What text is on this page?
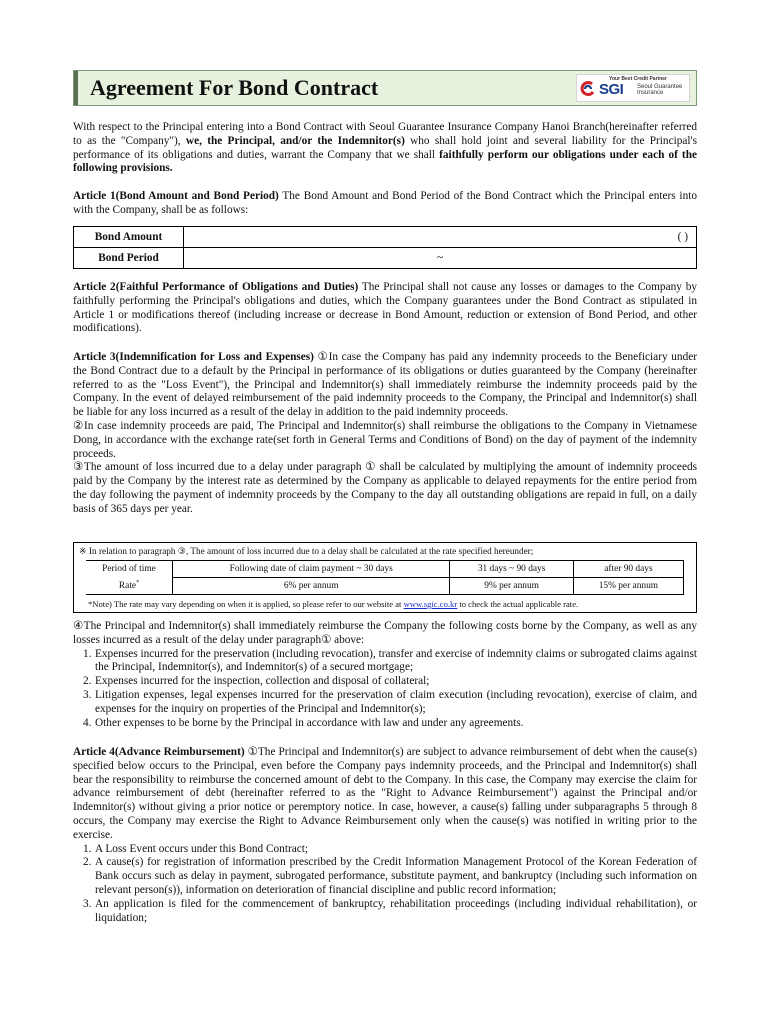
Agreement For Bond Contract	Your Best Credit Partner
SGI Seoul Guarantee Insurance
With respect to the Principal entering into a Bond Contract with Seoul Guarantee Insurance Company Hanoi Branch(hereinafter referred to as the "Company"), we, the Principal, and/or the Indemnitor(s) who shall hold joint and several liability for the Principal's performance of its obligations and duties, warrant the Company that we shall faithfully perform our obligations under each of the following provisions.
Article 1(Bond Amount and Bond Period) The Bond Amount and Bond Period of the Bond Contract which the Principal enters into with the Company, shall be as follows:
Bond Amount	( )
Bond Period	~
Article 2(Faithful Performance of Obligations and Duties) The Principal shall not cause any losses or damages to the Company by faithfully performing the Principal's obligations and duties, which the Company guarantees under the Bond Contract as stipulated in Article 1 or modifications thereof (including increase or decrease in Bond Amount, reduction or extension of Bond Period, and other modifications).
Article 3(Indemnification for Loss and Expenses) ①In case the Company has paid any indemnity proceeds to the Beneficiary under the Bond Contract due to a default by the Principal in performance of its obligations or duties guaranteed by the Company (hereinafter referred to as the "Loss Event"), the Principal and Indemnitor(s) shall immediately reimburse the indemnity proceeds paid by the Company. In the event of delayed reimbursement of the paid indemnity proceeds to the Company, the Principal and Indemnitor(s) shall be liable for any loss incurred as a result of the delay in addition to the paid indemnity proceeds.
②In case indemnity proceeds are paid, The Principal and Indemnitor(s) shall reimburse the obligations to the Company in Vietnamese Dong, in accordance with the exchange rate(set forth in General Terms and Conditions of Bond) on the day of payment of the indemnity proceeds.
③The amount of loss incurred due to a delay under paragraph ① shall be calculated by multiplying the amount of indemnity proceeds paid by the Company by the interest rate as determined by the Company as applicable to delayed repayments for the entire period from the day following the payment of indemnity proceeds by the Company to the day all outstanding obligations are repaid in full, on a daily basis of 365 days per year.
※ In relation to paragraph ③, The amount of loss incurred due to a delay shall be calculated at the rate specified hereunder;
Period of time	Following date of claim payment ~ 30 days	31 days ~ 90 days	after 90 days
Rate*	6% per annum	9% per annum	15% per annum
*Note) The rate may vary depending on when it is applied, so please refer to our website at www.sgic.co.kr to check the actual applicable rate.
④The Principal and Indemnitor(s) shall immediately reimburse the Company the following costs borne by the Company, as well as any losses incurred as a result of the delay under paragraph① above:
1. Expenses incurred for the preservation (including revocation), transfer and exercise of indemnity claims or subrogated claims against the Principal, Indemnitor(s), and Indemnitor(s) of a secured mortgage;
2. Expenses incurred for the inspection, collection and disposal of collateral;
3. Litigation expenses, legal expenses incurred for the preservation of claim execution (including revocation), exercise of claim, and expenses for the inquiry on properties of the Principal and Indemnitor(s);
4. Other expenses to be borne by the Principal in accordance with law and under any agreements.
Article 4(Advance Reimbursement) ①The Principal and Indemnitor(s) are subject to advance reimbursement of debt when the cause(s) specified below occurs to the Principal, even before the Company pays indemnity proceeds, and the Principal and Indemnitor(s) shall bear the responsibility to reimburse the concerned amount of debt to the Company. In this case, the Company may exercise the claim for advance reimbursement of debt (hereinafter referred to as the "Right to Advance Reimbursement") against the Principal and/or Indemnitor(s) without giving a prior notice or peremptory notice. In case, however, a cause(s) falling under subparagraphs 5 through 8 occurs, the Company may exercise the Right to Advance Reimbursement only when the cause(s) was notified in writing prior to the exercise.
1. A Loss Event occurs under this Bond Contract;
2. A cause(s) for registration of information prescribed by the Credit Information Management Protocol of the Korean Federation of Bank occurs such as delay in payment, subrogated performance, substitute payment, and bankruptcy (including such information on relevant person(s)), information on deterioration of financial discipline and public record information;
3. An application is filed for the commencement of bankruptcy, rehabilitation proceedings (including individual rehabilitation), or liquidation;
